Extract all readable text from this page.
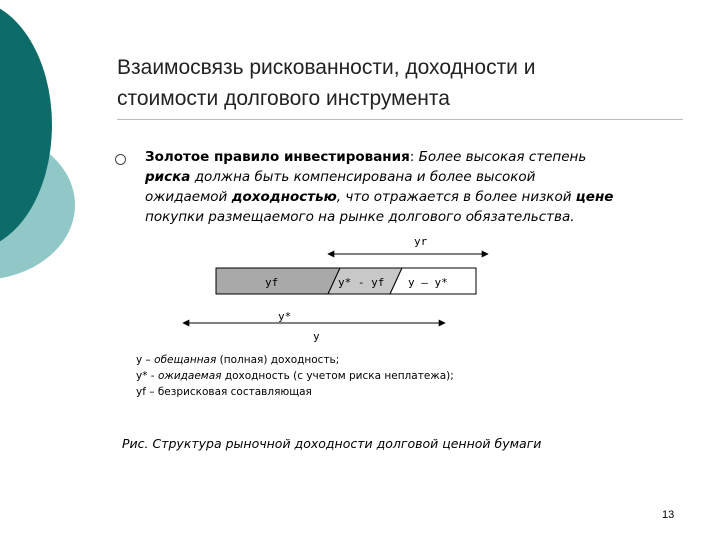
Взаимосвязь рискованности, доходности и
стоимости долгового инструмента
Золотое правило инвестирования: Более высокая степень
риска должна быть компенсирована и более высокой
ожидаемой доходностью, что отражается в более низкой цене
покупки размещаемого на рынке долгового обязательства.
yr
yf	y* - yf y – y*
y*
y
y – обещанная (полная) доходность;
y* - ожидаемая доходность (с учетом риска неплатежа);
yf – безрисковая составляющая
Рис. Структура рыночной доходности долговой ценной бумаги
13
